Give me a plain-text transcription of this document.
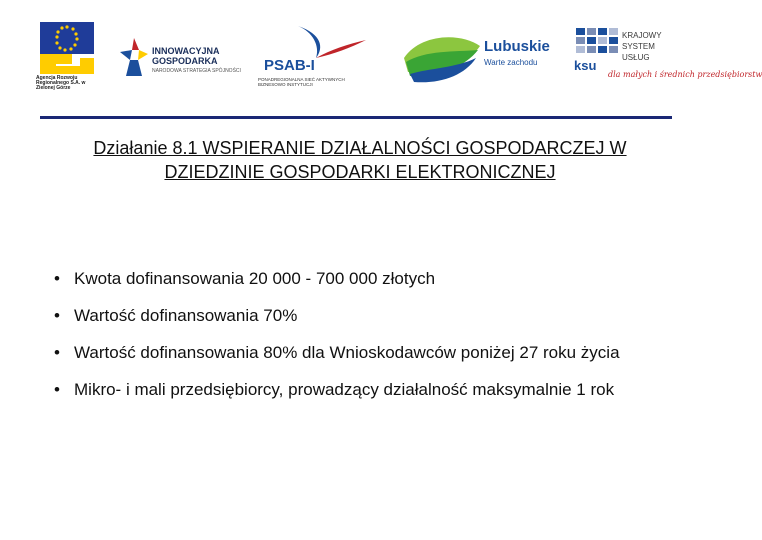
Agencja Rozwoju Regionalnego S.A. w Zielonej Górze
INNOWACYJNA
GOSPODARKA
NARODOWA STRATEGIA SPÓJNOŚCI PSAB-I
PONADREGIONALNA SIEĆ AKTYWNYCH BIZNESOWO INSTYTUCJI
Lubuskie
Warte zachodu	ksu
KRAJOWY
SYSTEM
USŁUG
dla małych i średnich przedsiębiorstw
Działanie 8.1 WSPIERANIE DZIAŁALNOŚCI GOSPODARCZEJ W DZIEDZINIE GOSPODARKI ELEKTRONICZNEJ
• Kwota dofinansowania 20 000 - 700 000 złotych
• Wartość dofinansowania 70%
• Wartość dofinansowania 80% dla Wnioskodawców poniżej 27 roku życia
• Mikro- i mali przedsiębiorcy, prowadzący działalność maksymalnie 1 rok
